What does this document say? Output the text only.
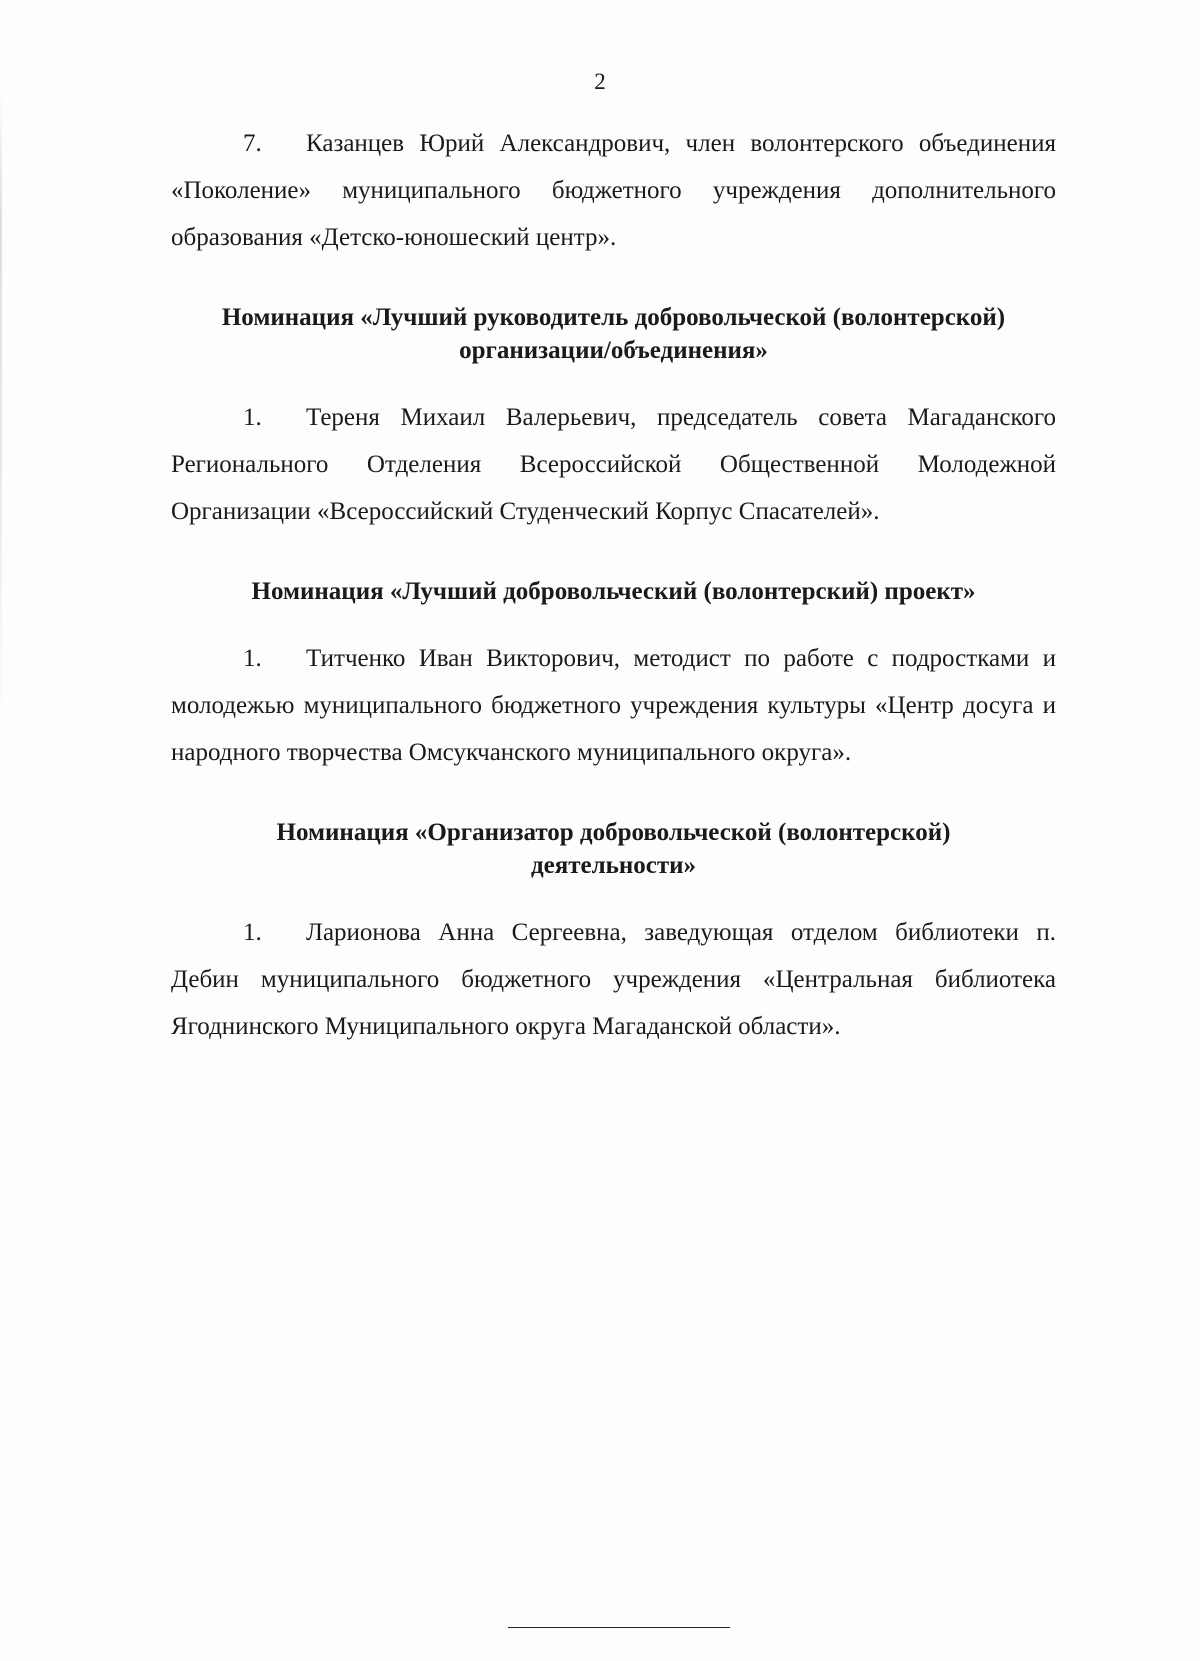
2

7. Казанцев Юрий Александрович, член волонтерского объединения «Поколение» муниципального бюджетного учреждения дополнительного образования «Детско-юношеский центр».

Номинация «Лучший руководитель добровольческой (волонтерской)

организации/объединения»

1. Тереня Михаил Валерьевич, председатель совета Магаданского Регионального Отделения Всероссийской Общественной Молодежной Организации «Всероссийский Студенческий Корпус Спасателей».

Номинация «Лучший добровольческий (волонтерский) проект»

1. Титченко Иван Викторович, методист по работе с подростками и молодежью муниципального бюджетного учреждения культуры «Центр досуга и народного творчества Омсукчанского муниципального округа».

Номинация «Организатор добровольческой (волонтерской)

деятельности»

1. Ларионова Анна Сергеевна, заведующая отделом библиотеки п. Дебин муниципального бюджетного учреждения «Центральная библиотека Ягоднинского Муниципального округа Магаданской области».
